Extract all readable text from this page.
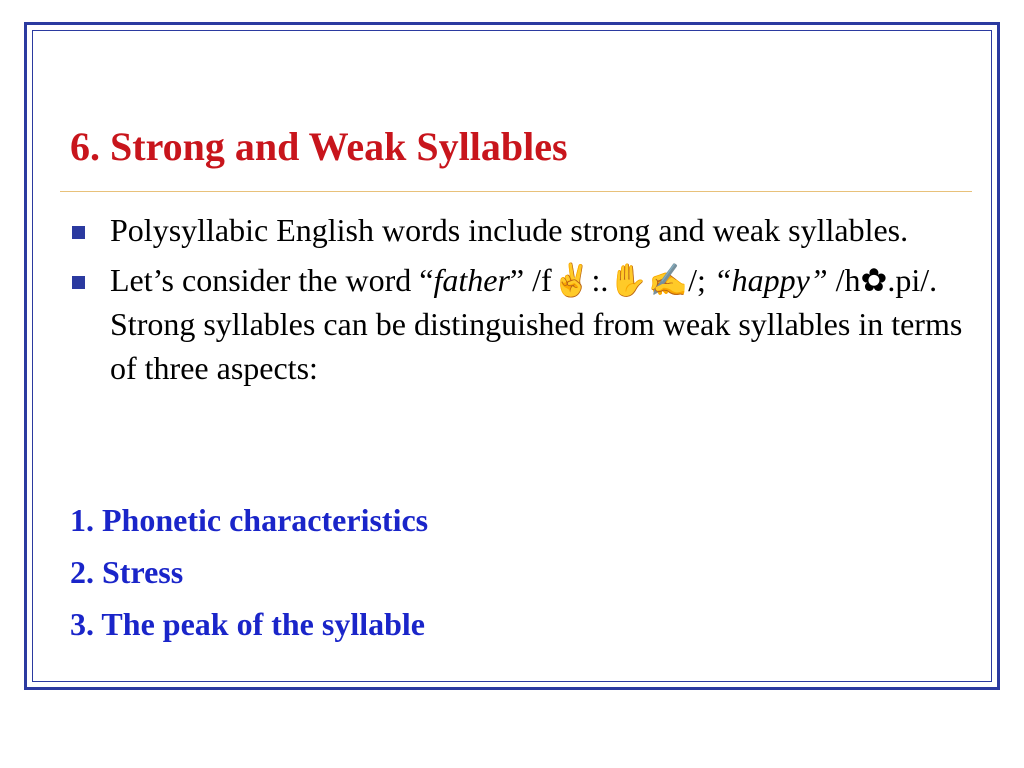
6. Strong and Weak Syllables
Polysyllabic English words include strong and weak syllables.
Let’s consider the word “father” /f✌:.✋✍/; “happy” /h✿.pi/. Strong syllables can be distinguished from weak syllables in terms of three aspects:
1. Phonetic characteristics
2. Stress
3. The peak of the syllable
